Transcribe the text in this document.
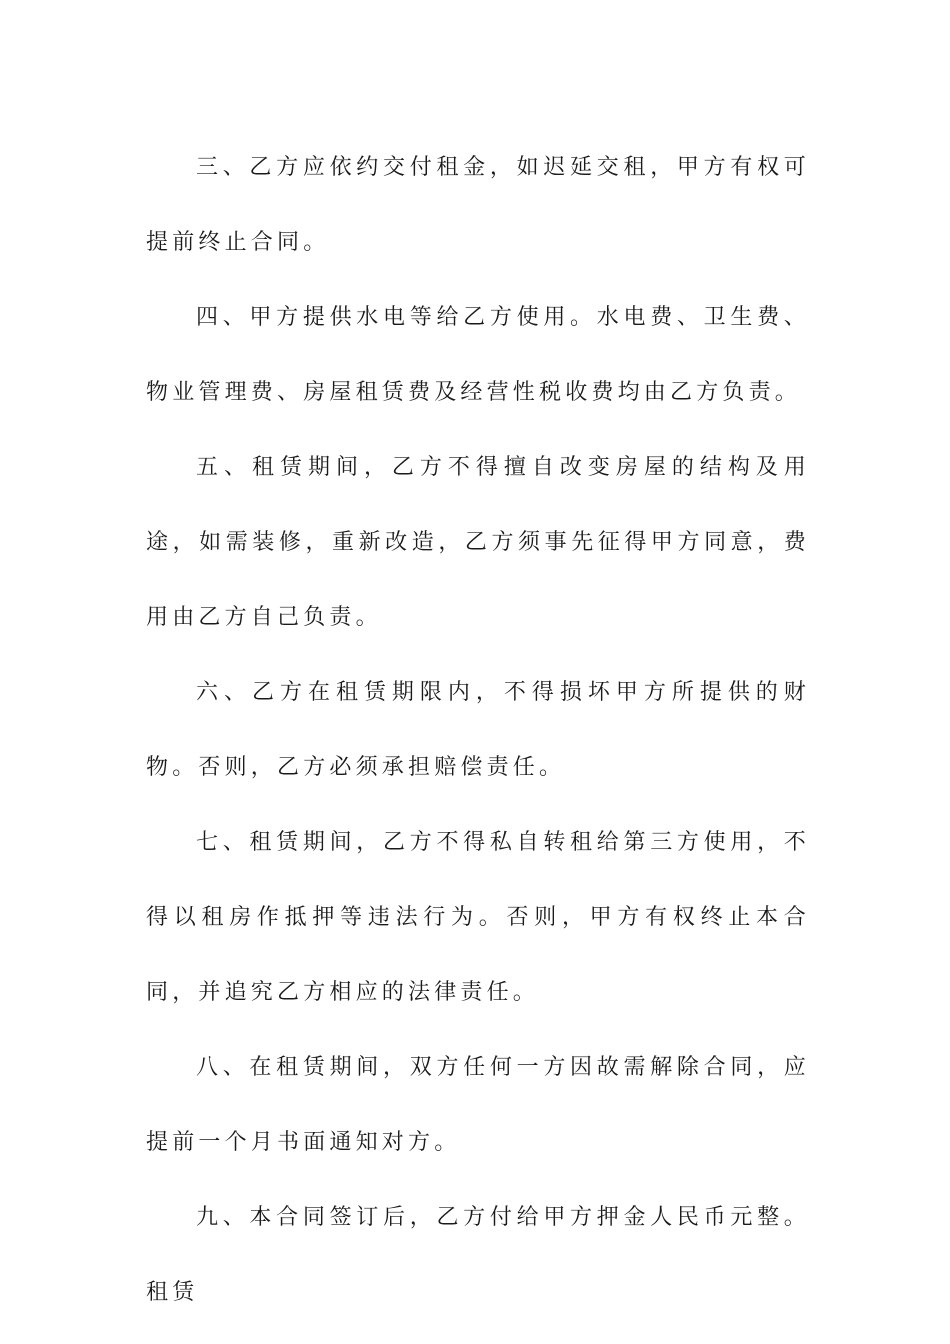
三、乙方应依约交付租金，如迟延交租，甲方有权可提前终止合同。

四、甲方提供水电等给乙方使用。水电费、卫生费、物业管理费、房屋租赁费及经营性税收费均由乙方负责。

五、租赁期间，乙方不得擅自改变房屋的结构及用途，如需装修，重新改造，乙方须事先征得甲方同意，费用由乙方自己负责。

六、乙方在租赁期限内，不得损坏甲方所提供的财物。否则，乙方必须承担赔偿责任。

七、租赁期间，乙方不得私自转租给第三方使用，不得以租房作抵押等违法行为。否则，甲方有权终止本合同，并追究乙方相应的法律责任。

八、在租赁期间，双方任何一方因故需解除合同，应提前一个月书面通知对方。

九、本合同签订后，乙方付给甲方押金人民币元整。租赁
